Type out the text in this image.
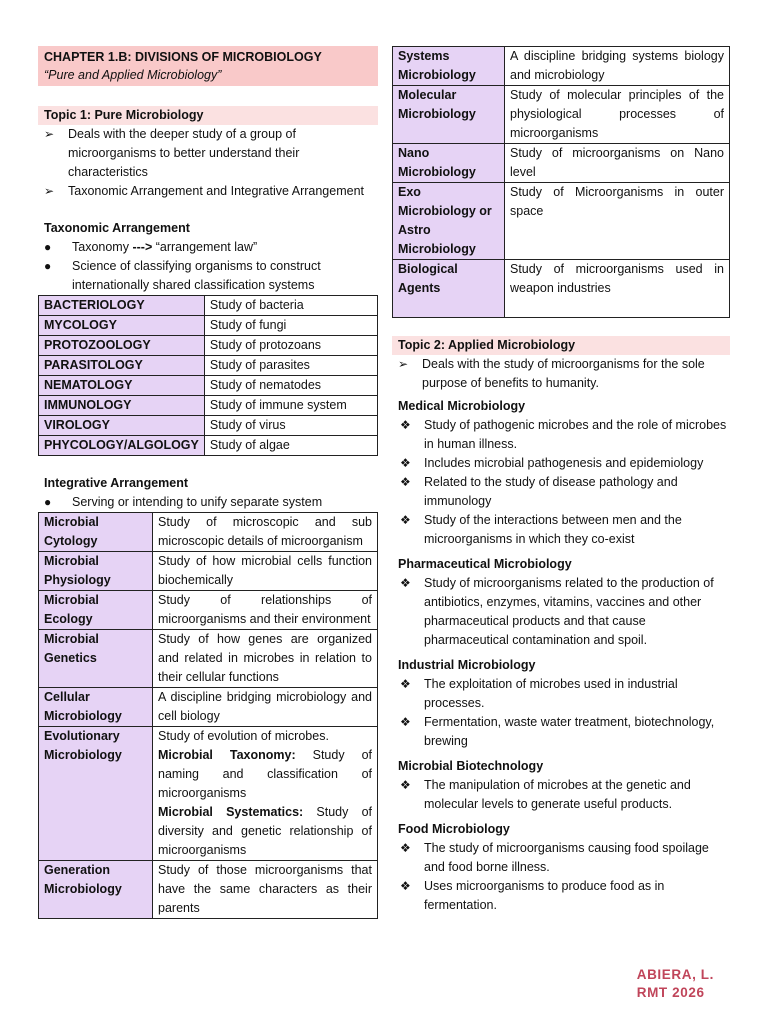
CHAPTER 1.B: DIVISIONS OF MICROBIOLOGY
“Pure and Applied Microbiology”
Topic 1: Pure Microbiology
➢ Deals with the deeper study of a group of microorganisms to better understand their characteristics
➢ Taxonomic Arrangement and Integrative Arrangement
Taxonomic Arrangement
● Taxonomy ---> “arrangement law”
● Science of classifying organisms to construct internationally shared classification systems
BACTERIOLOGY	Study of bacteria
MYCOLOGY	Study of fungi
PROTOZOOLOGY	Study of protozoans
PARASITOLOGY	Study of parasites
NEMATOLOGY	Study of nematodes
IMMUNOLOGY	Study of immune system
VIROLOGY	Study of virus
PHYCOLOGY/ALGOLOGY	Study of algae
Integrative Arrangement
● Serving or intending to unify separate system
Microbial Cytology	Study of microscopic and sub microscopic details of microorganism
Microbial Physiology	Study of how microbial cells function biochemically
Microbial Ecology	Study of relationships of microorganisms and their environment
Microbial Genetics	Study of how genes are organized and related in microbes in relation to their cellular functions
Cellular Microbiology	A discipline bridging microbiology and cell biology
Evolutionary Microbiology	Study of evolution of microbes.
Microbial Taxonomy: Study of naming and classification of microorganisms
Microbial Systematics: Study of diversity and genetic relationship of microorganisms

Generation Microbiology	Study of those microorganisms that have the same characters as their parents
Systems Microbiology	A discipline bridging systems biology and microbiology
Molecular Microbiology	Study of molecular principles of the physiological processes of microorganisms
Nano Microbiology	Study of microorganisms on Nano level
Exo Microbiology or Astro Microbiology	Study of Microorganisms in outer space
Biological Agents	Study of microorganisms used in weapon industries
Topic 2: Applied Microbiology
➢ Deals with the study of microorganisms for the sole purpose of benefits to humanity.
Medical Microbiology
❖ Study of pathogenic microbes and the role of microbes in human illness.
❖ Includes microbial pathogenesis and epidemiology
❖ Related to the study of disease pathology and immunology
❖ Study of the interactions between men and the microorganisms in which they co-exist
Pharmaceutical Microbiology
❖ Study of microorganisms related to the production of antibiotics, enzymes, vitamins, vaccines and other pharmaceutical products and that cause pharmaceutical contamination and spoil.
Industrial Microbiology
❖ The exploitation of microbes used in industrial processes.
❖ Fermentation, waste water treatment, biotechnology, brewing
Microbial Biotechnology
❖ The manipulation of microbes at the genetic and molecular levels to generate useful products.
Food Microbiology
❖ The study of microorganisms causing food spoilage and food borne illness.
❖ Uses microorganisms to produce food as in fermentation.
ABIERA, L.
RMT 2026
